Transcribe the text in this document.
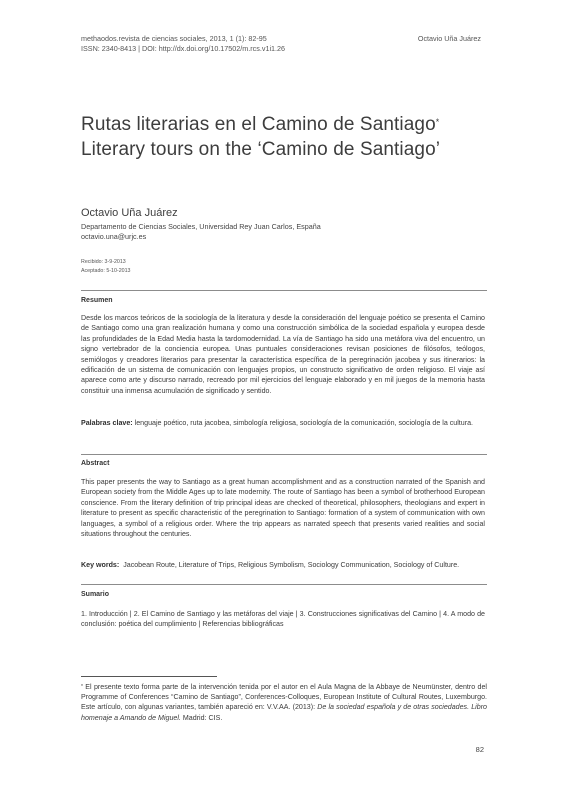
methaodos.revista de ciencias sociales, 2013, 1 (1): 82-95
ISSN: 2340-8413 | DOI: http://dx.doi.org/10.17502/m.rcs.v1i1.26
Octavio Uña Juárez
Rutas literarias en el Camino de Santiago*
Literary tours on the ‘Camino de Santiago’
Octavio Uña Juárez
Departamento de Ciencias Sociales, Universidad Rey Juan Carlos, España
octavio.una@urjc.es
Recibido: 3-9-2013
Aceptado: 5-10-2013
Resumen
Desde los marcos teóricos de la sociología de la literatura y desde la consideración del lenguaje poético se presenta el Camino de Santiago como una gran realización humana y como una construcción simbólica de la sociedad española y europea desde las profundidades de la Edad Media hasta la tardomodernidad. La vía de Santiago ha sido una metáfora viva del encuentro, un signo vertebrador de la conciencia europea. Unas puntuales consideraciones revisan posiciones de filósofos, teólogos, semiólogos y creadores literarios para presentar la característica específica de la peregrinación jacobea y sus itinerarios: la edificación de un sistema de comunicación con lenguajes propios, un constructo significativo de orden religioso. El viaje así aparece como arte y discurso narrado, recreado por mil ejercicios del lenguaje elaborado y en mil juegos de la memoria hasta constituir una inmensa acumulación de significado y sentido.
Palabras clave: lenguaje poético, ruta jacobea, simbología religiosa, sociología de la comunicación, sociología de la cultura.
Abstract
This paper presents the way to Santiago as a great human accomplishment and as a construction narrated of the Spanish and European society from the Middle Ages up to late modernity. The route of Santiago has been a symbol of brotherhood European conscience. From the literary definition of trip principal ideas are checked of theoretical, philosophers, theologians and expert in literature to present as specific characteristic of the peregrination to Santiago: formation of a system of communication with own languages, a symbol of a religious order. Where the trip appears as narrated speech that presents varied realities and social situations throughout the centuries.
Key words: Jacobean Route, Literature of Trips, Religious Symbolism, Sociology Communication, Sociology of Culture.
Sumario
1. Introducción | 2. El Camino de Santiago y las metáforas del viaje | 3. Construcciones significativas del Camino | 4. A modo de conclusión: poética del cumplimiento | Referencias bibliográficas
* El presente texto forma parte de la intervención tenida por el autor en el Aula Magna de la Abbaye de Neumünster, dentro del Programme of Conferences “Camino de Santiago”, Conferences-Colloques, European Institute of Cultural Routes, Luxemburgo. Este artículo, con algunas variantes, también apareció en: V.V.AA. (2013): De la sociedad española y de otras sociedades. Libro homenaje a Amando de Miguel. Madrid: CIS.
82
